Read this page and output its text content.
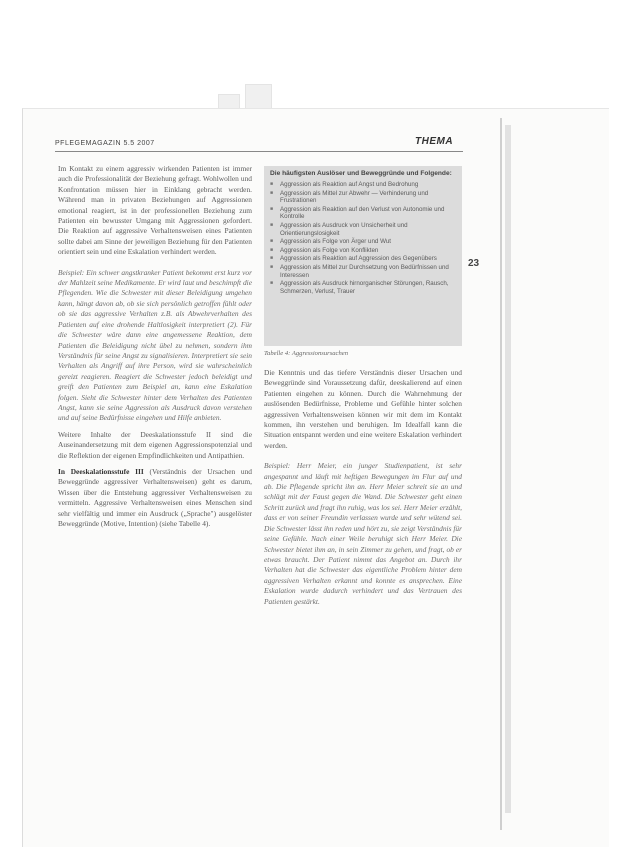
PFLEGEMAGAZIN 5.5 2007	THEMA
23

Im Kontakt zu einem aggressiv wirkenden Patienten ist immer auch die Professionalität der Beziehung gefragt. Wohlwollen und Konfrontation müssen hier in Einklang gebracht werden. Während man in privaten Beziehungen auf Aggressionen emotional reagiert, ist in der professionellen Beziehung zum Patienten ein bewusster Umgang mit Aggressionen gefordert. Die Reaktion auf aggressive Verhaltensweisen eines Patienten sollte dabei am Sinne der jeweiligen Beziehung für den Patienten orientiert sein und eine Eskalation verhindert werden.

Beispiel: Ein schwer angstkranker Patient bekommt erst kurz vor der Mahlzeit seine Medikamente. Er wird laut und beschimpft die Pflegenden. Wie die Schwester mit dieser Beleidigung umgehen kann, hängt davon ab, ob sie sich persönlich getroffen fühlt oder ob sie das aggressive Verhalten z.B. als Abwehrverhalten des Patienten auf eine drohende Haltlosigkeit interpretiert (2). Für die Schwester wäre dann eine angemessene Reaktion, dem Patienten die Beleidigung nicht übel zu nehmen, sondern ihm Verständnis für seine Angst zu signalisieren. Interpretiert sie sein Verhalten als Angriff auf ihre Person, wird sie wahrscheinlich gereizt reagieren. Reagiert die Schwester jedoch beleidigt und greift den Patienten zum Beispiel an, kann eine Eskalation folgen. Sieht die Schwester hinter dem Verhalten des Patienten Angst, kann sie seine Aggression als Ausdruck davon verstehen und auf seine Bedürfnisse eingehen und Hilfe anbieten.

Weitere Inhalte der Deeskalationsstufe II sind die Auseinandersetzung mit dem eigenen Aggressionspotenzial und die Reflektion der eigenen Empfindlichkeiten und Antipathien.

In Deeskalationsstufe III (Verständnis der Ursachen und Beweggründe aggressiver Verhaltensweisen) geht es darum, Wissen über die Entstehung aggressiver Verhaltensweisen zu vermitteln. Aggressive Verhaltensweisen eines Menschen sind sehr vielfältig und immer ein Ausdruck („Sprache") ausgelöster Beweggründe (Motive, Intention) (siehe Tabelle 4).

Die häufigsten Auslöser und Beweggründe und Folgende:
■ Aggression als Reaktion auf Angst und Bedrohung
■ Aggression als Mittel zur Abwehr — Verhinderung und Frustrationen
■ Aggression als Reaktion auf den Verlust von Autonomie und Kontrolle
■ Aggression als Ausdruck von Unsicherheit und Orientierungslosigkeit
■ Aggression als Folge von Ärger und Wut
■ Aggression als Folge von Konflikten
■ Aggression als Reaktion auf Aggression des Gegenübers
■ Aggression als Mittel zur Durchsetzung von Bedürfnissen und Interessen
■ Aggression als Ausdruck hirnorganischer Störungen, Rausch, Schmerzen, Verlust, Trauer
Tabelle 4: Aggressionsursachen

Die Kenntnis und das tiefere Verständnis dieser Ursachen und Beweggründe sind Voraussetzung dafür, deeskalierend auf einen Patienten eingehen zu können. Durch die Wahrnehmung der auslösenden Bedürfnisse, Probleme und Gefühle hinter solchen aggressiven Verhaltensweisen können wir mit dem im Kontakt kommen, ihn verstehen und beruhigen. Im Idealfall kann die Situation entspannt werden und eine weitere Eskalation verhindert werden.

Beispiel: Herr Meier, ein junger Studienpatient, ist sehr angespannt und läuft mit heftigen Bewegungen im Flur auf und ab. Die Pflegende spricht ihn an. Herr Meier schreit sie an und schlägt mit der Faust gegen die Wand. Die Schwester geht einen Schritt zurück und fragt ihn ruhig, was los sei. Herr Meier erzählt, dass er von seiner Freundin verlassen wurde und sehr wütend sei. Die Schwester lässt ihn reden und hört zu, sie zeigt Verständnis für seine Gefühle. Nach einer Weile beruhigt sich Herr Meier. Die Schwester bietet ihm an, in sein Zimmer zu gehen, und fragt, ob er etwas braucht. Der Patient nimmt das Angebot an. Durch ihr Verhalten hat die Schwester das eigentliche Problem hinter dem aggressiven Verhalten erkannt und konnte es ansprechen. Eine Eskalation wurde dadurch verhindert und das Vertrauen des Patienten gestärkt.
